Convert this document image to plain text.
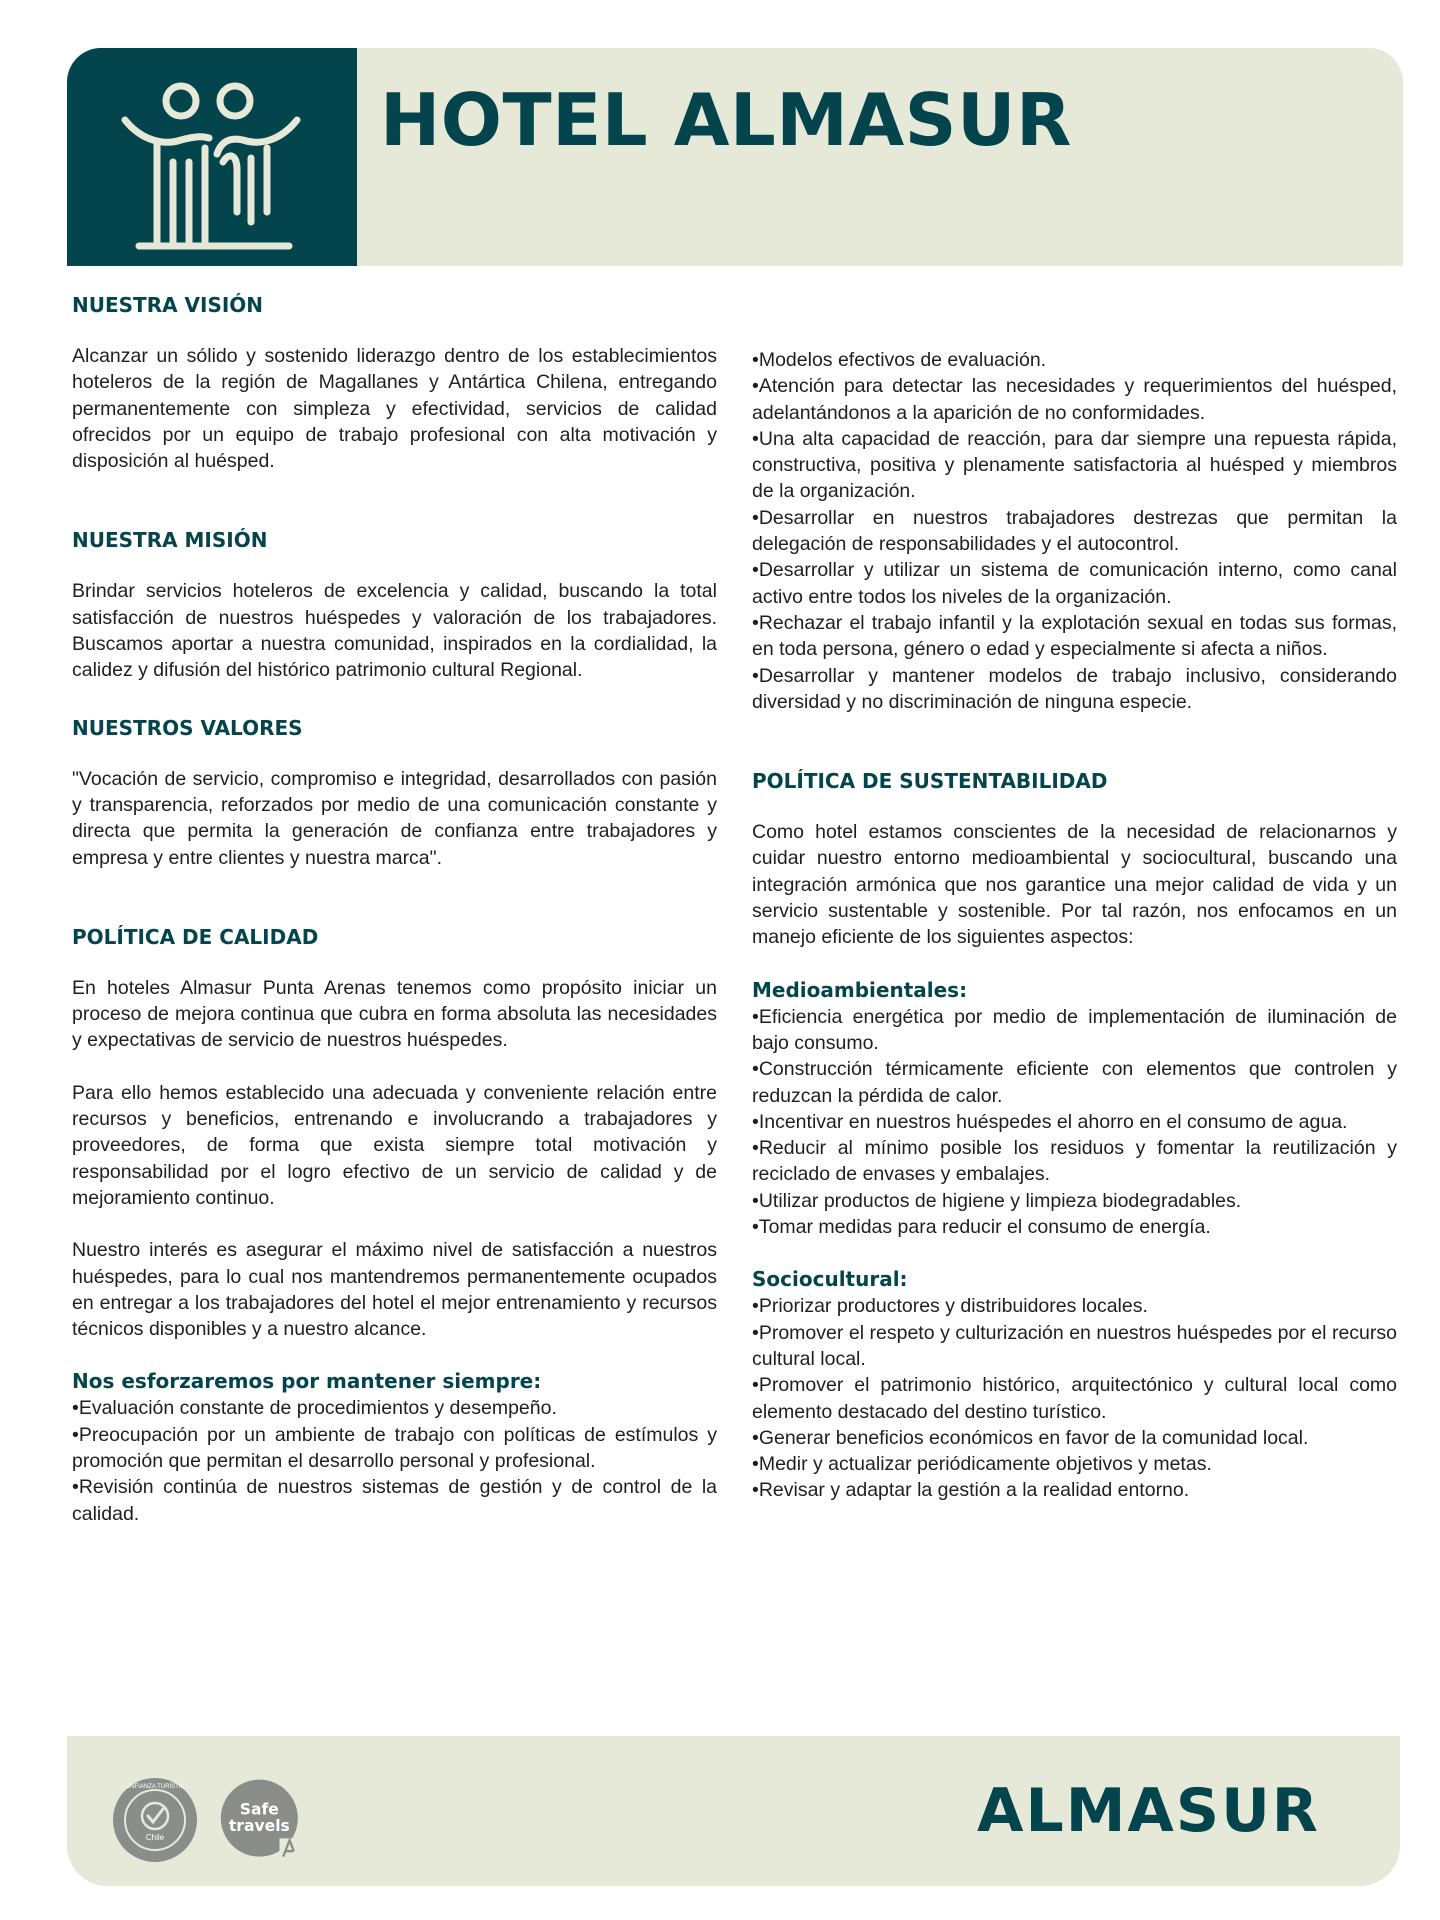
HOTEL ALMASUR
NUESTRA VISIÓN

Alcanzar un sólido y sostenido liderazgo dentro de los establecimientos hoteleros de la región de Magallanes y Antártica Chilena, entregando permanentemente con simpleza y efectividad, servicios de calidad ofrecidos por un equipo de trabajo profesional con alta motivación y disposición al huésped.

NUESTRA MISIÓN

Brindar servicios hoteleros de excelencia y calidad, buscando la total satisfacción de nuestros huéspedes y valoración de los trabajadores. Buscamos aportar a nuestra comunidad, inspirados en la cordialidad, la calidez y difusión del histórico patrimonio cultural Regional.

NUESTROS VALORES

"Vocación de servicio, compromiso e integridad, desarrollados con pasión y transparencia, reforzados por medio de una comunicación constante y directa que permita la generación de confianza entre trabajadores y empresa y entre clientes y nuestra marca".

POLÍTICA DE CALIDAD

En hoteles Almasur Punta Arenas tenemos como propósito iniciar un proceso de mejora continua que cubra en forma absoluta las necesidades y expectativas de servicio de nuestros huéspedes.

Para ello hemos establecido una adecuada y conveniente relación entre recursos y beneficios, entrenando e involucrando a trabajadores y proveedores, de forma que exista siempre total motivación y responsabilidad por el logro efectivo de un servicio de calidad y de mejoramiento continuo.

Nuestro interés es asegurar el máximo nivel de satisfacción a nuestros huéspedes, para lo cual nos mantendremos permanentemente ocupados en entregar a los trabajadores del hotel el mejor entrenamiento y recursos técnicos disponibles y a nuestro alcance.

Nos esforzaremos por mantener siempre:

•Evaluación constante de procedimientos y desempeño.

•Preocupación por un ambiente de trabajo con políticas de estímulos y promoción que permitan el desarrollo personal y profesional.

•Revisión continúa de nuestros sistemas de gestión y de control de la calidad.

•Modelos efectivos de evaluación.

•Atención para detectar las necesidades y requerimientos del huésped, adelantándonos a la aparición de no conformidades.

•Una alta capacidad de reacción, para dar siempre una repuesta rápida, constructiva, positiva y plenamente satisfactoria al huésped y miembros de la organización.

•Desarrollar en nuestros trabajadores destrezas que permitan la delegación de responsabilidades y el autocontrol.

•Desarrollar y utilizar un sistema de comunicación interno, como canal activo entre todos los niveles de la organización.

•Rechazar el trabajo infantil y la explotación sexual en todas sus formas, en toda persona, género o edad y especialmente si afecta a niños.

•Desarrollar y mantener modelos de trabajo inclusivo, considerando diversidad y no discriminación de ninguna especie.

POLÍTICA DE SUSTENTABILIDAD

Como hotel estamos conscientes de la necesidad de relacionarnos y cuidar nuestro entorno medioambiental y sociocultural, buscando una integración armónica que nos garantice una mejor calidad de vida y un servicio sustentable y sostenible. Por tal razón, nos enfocamos en un manejo eficiente de los siguientes aspectos:

Medioambientales:

•Eficiencia energética por medio de implementación de iluminación de bajo consumo.

•Construcción térmicamente eficiente con elementos que controlen y reduzcan la pérdida de calor.

•Incentivar en nuestros huéspedes el ahorro en el consumo de agua.

•Reducir al mínimo posible los residuos y fomentar la reutilización y reciclado de envases y embalajes.

•Utilizar productos de higiene y limpieza biodegradables.

•Tomar medidas para reducir el consumo de energía.

Sociocultural:

•Priorizar productores y distribuidores locales.

•Promover el respeto y culturización en nuestros huéspedes por el recurso cultural local.

•Promover el patrimonio histórico, arquitectónico y cultural local como elemento destacado del destino turístico.

•Generar beneficios económicos en favor de la comunidad local.

•Medir y actualizar periódicamente objetivos y metas.

•Revisar y adaptar la gestión a la realidad entorno.

Chile
CONFIANZA TURÍSTICA
Safe
travels	ALMASUR
